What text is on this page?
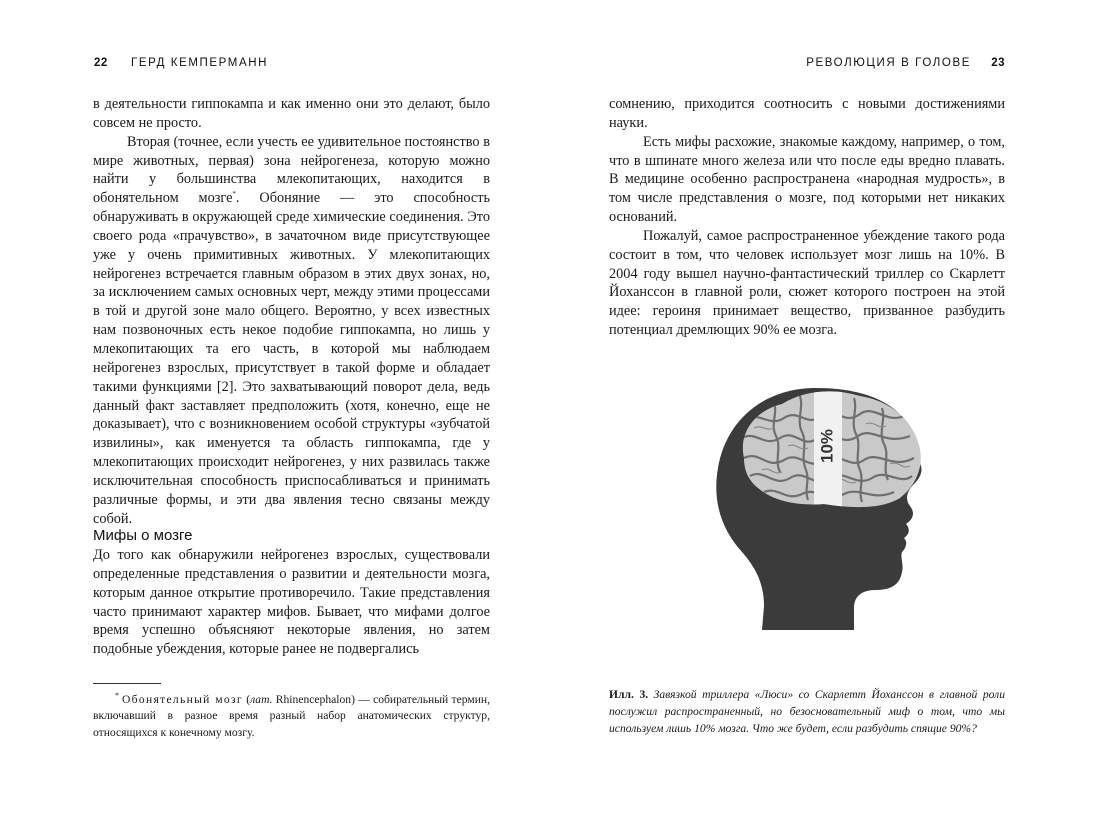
22 ГЕРД КЕМПЕРМАНН

в деятельности гиппокампа и как именно они это делают, было совсем не просто.

Вторая (точнее, если учесть ее удивительное постоянство в мире животных, первая) зона нейрогенеза, которую можно найти у большинства млекопитающих, находится в обонятельном мозге*. Обоняние — это способность обнаруживать в окружающей среде химические соединения. Это своего рода «прачувство», в зачаточном виде присутствующее уже у очень примитивных животных. У млекопитающих нейрогенез встречается главным образом в этих двух зонах, но, за исключением самых основных черт, между этими процессами в той и другой зоне мало общего. Вероятно, у всех известных нам позвоночных есть некое подобие гиппокампа, но лишь у млекопитающих та его часть, в которой мы наблюдаем нейрогенез взрослых, присутствует в такой форме и обладает такими функциями [2]. Это захватывающий поворот дела, ведь данный факт заставляет предположить (хотя, конечно, еще не доказывает), что с возникновением особой структуры «зубчатой извилины», как именуется та область гиппокампа, где у млекопитающих происходит нейрогенез, у них развилась также исключительная способность приспосабливаться и принимать различные формы, и эти два явления тесно связаны между собой.

Мифы о мозге

До того как обнаружили нейрогенез взрослых, существовали определенные представления о развитии и деятельности мозга, которым данное открытие противоречило. Такие представления часто принимают характер мифов. Бывает, что мифами долгое время успешно объясняют некоторые явления, но затем подобные убеждения, которые ранее не подвергались

* Обонятельный мозг (лат. Rhinencephalon) — собирательный термин, включавший в разное время разный набор анатомических структур, относящихся к конечному мозгу.
РЕВОЛЮЦИЯ В ГОЛОВЕ 23

сомнению, приходится соотносить с новыми достижениями науки.

Есть мифы расхожие, знакомые каждому, например, о том, что в шпинате много железа или что после еды вредно плавать. В медицине особенно распространена «народная мудрость», в том числе представления о мозге, под которыми нет никаких оснований.

Пожалуй, самое распространенное убеждение такого рода состоит в том, что человек использует мозг лишь на 10%. В 2004 году вышел научно-фантастический триллер со Скарлетт Йоханссон в главной роли, сюжет которого построен на этой идее: героиня принимает вещество, призванное разбудить потенциал дремлющих 90% ее мозга.

10%
Илл. 3. Завязкой триллера «Люси» со Скарлетт Йоханссон в главной роли послужил распространенный, но безосновательный миф о том, что мы используем лишь 10% мозга. Что же будет, если разбудить спящие 90%?
